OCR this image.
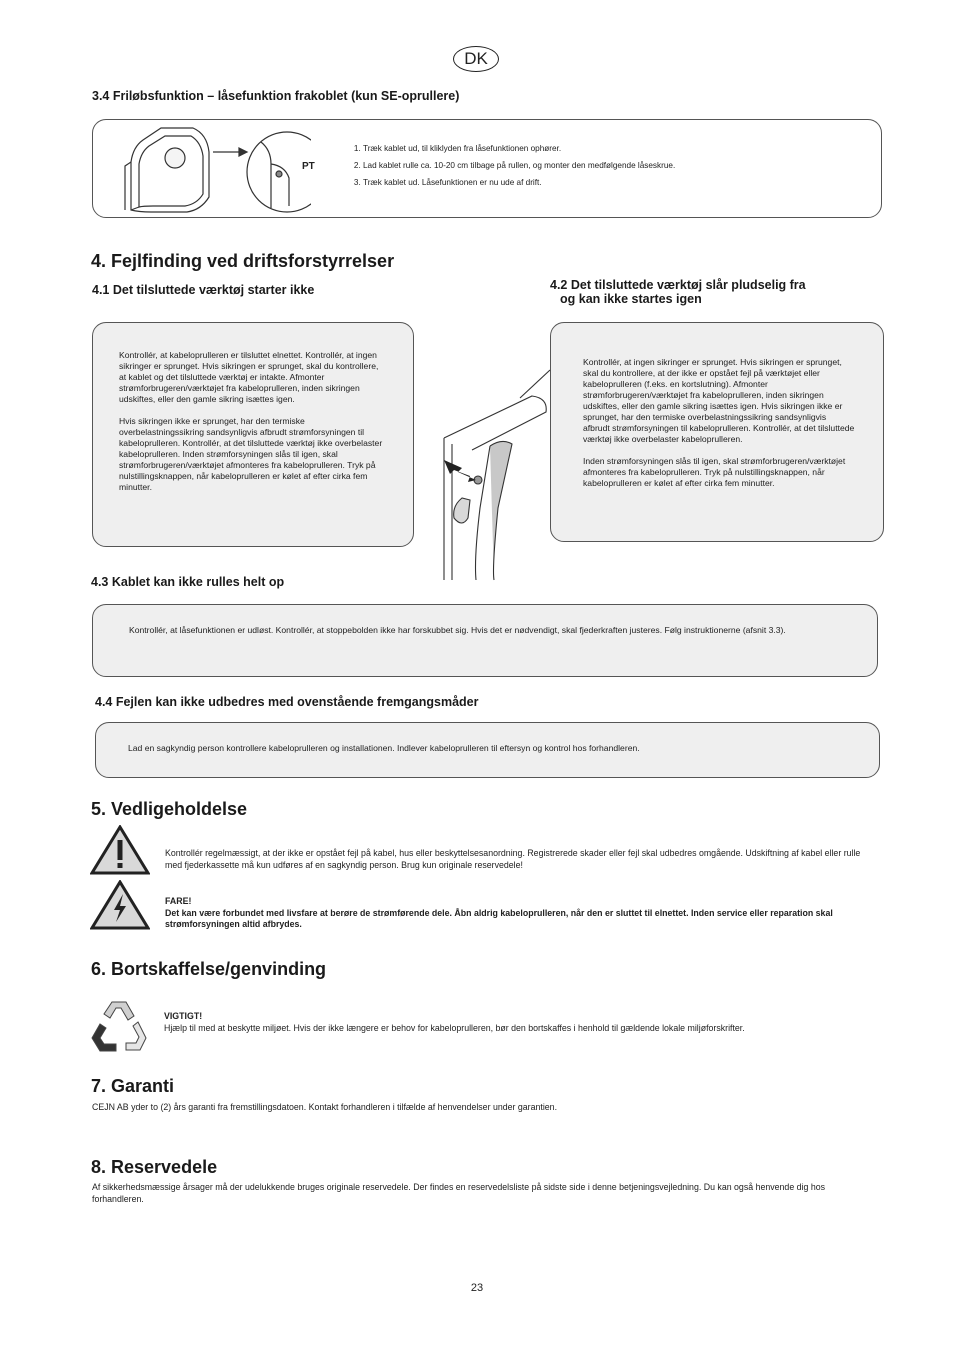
DK
3.4 Friløbsfunktion – låsefunktion frakoblet (kun SE-oprullere)
PT
1. Træk kablet ud, til kliklyden fra låsefunktionen ophører.
2. Lad kablet rulle ca. 10-20 cm tilbage på rullen, og monter den medfølgende låseskrue.
3. Træk kablet ud. Låsefunktionen er nu ude af drift.
4. Fejlfinding ved driftsforstyrrelser
4.1 Det tilsluttede værktøj starter ikke	4.2 Det tilsluttede værktøj slår pludselig fra
og kan ikke startes igen

Kontrollér, at kabeloprulleren er tilsluttet elnettet. Kontrollér, at ingen sikringer er sprunget. Hvis sikringen er sprunget, skal du kontrollere, at kablet og det tilsluttede værktøj er intakte. Afmonter strømforbrugeren/værktøjet fra kabeloprulleren, inden sikringen udskiftes, eller den gamle sikring isættes igen.

Hvis sikringen ikke er sprunget, har den termiske overbelastningssikring sandsynligvis afbrudt strømforsyningen til kabeloprulleren. Kontrollér, at det tilsluttede værktøj ikke overbelaster kabeloprulleren. Inden strømforsyningen slås til igen, skal strømforbrugeren/værktøjet afmonteres fra kabeloprulleren. Tryk på nulstillingsknappen, når kabeloprulleren er kølet af efter cirka fem minutter.

Kontrollér, at ingen sikringer er sprunget. Hvis sikringen er sprunget, skal du kontrollere, at der ikke er opstået fejl på værktøjet eller kabeloprulleren (f.eks. en kortslutning). Afmonter strømforbrugeren/værktøjet fra kabeloprulleren, inden sikringen udskiftes, eller den gamle sikring isættes igen. Hvis sikringen ikke er sprunget, har den termiske overbelastningssikring sandsynligvis afbrudt strømforsyningen til kabeloprulleren. Kontrollér, at det tilsluttede værktøj ikke overbelaster kabeloprulleren.

Inden strømforsyningen slås til igen, skal strømforbrugeren/værktøjet afmonteres fra kabeloprulleren. Tryk på nulstillingsknappen, når kabeloprulleren er kølet af efter cirka fem minutter.

4.3 Kablet kan ikke rulles helt op
Kontrollér, at låsefunktionen er udløst. Kontrollér, at stoppebolden ikke har forskubbet sig. Hvis det er nødvendigt, skal fjederkraften justeres. Følg instruktionerne (afsnit 3.3).
4.4 Fejlen kan ikke udbedres med ovenstående fremgangsmåder
Lad en sagkyndig person kontrollere kabeloprulleren og installationen. Indlever kabeloprulleren til eftersyn og kontrol hos forhandleren.
5. Vedligeholdelse
Kontrollér regelmæssigt, at der ikke er opstået fejl på kabel, hus eller beskyttelsesanordning. Registrerede skader eller fejl skal udbedres omgående. Udskiftning af kabel eller rulle med fjederkassette må kun udføres af en sagkyndig person. Brug kun originale reservedele!
FARE!
Det kan være forbundet med livsfare at berøre de strømførende dele. Åbn aldrig kabeloprulleren, når den er sluttet til elnettet. Inden service eller reparation skal strømforsyningen altid afbrydes.
6. Bortskaffelse/genvinding
VIGTIGT!
Hjælp til med at beskytte miljøet. Hvis der ikke længere er behov for kabeloprulleren, bør den bortskaffes i henhold til gældende lokale miljøforskrifter.
7. Garanti
CEJN AB yder to (2) års garanti fra fremstillingsdatoen. Kontakt forhandleren i tilfælde af henvendelser under garantien.
8. Reservedele
Af sikkerhedsmæssige årsager må der udelukkende bruges originale reservedele. Der findes en reservedelsliste på sidste side i denne betjeningsvejledning. Du kan også henvende dig hos forhandleren.
23
